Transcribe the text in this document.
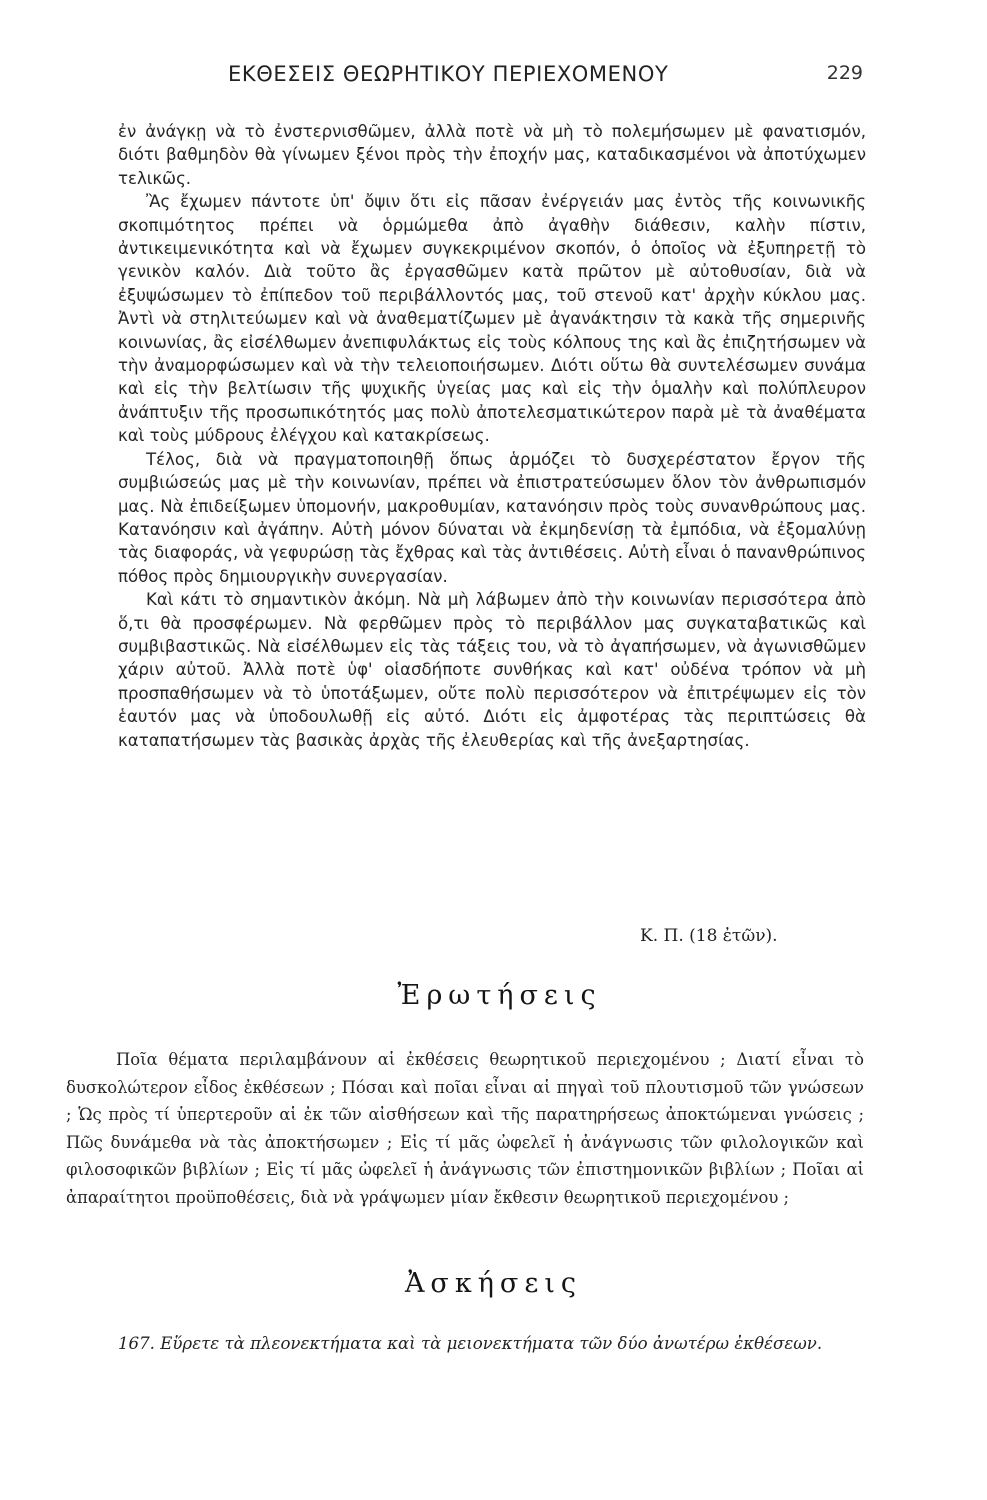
ΕΚΘΕΣΕΙΣ ΘΕΩΡΗΤΙΚΟΥ ΠΕΡΙΕΧΟΜΕΝΟΥ	229

ἐν ἀνάγκῃ νὰ τὸ ἐνστερνισθῶμεν, ἀλλὰ ποτὲ νὰ μὴ τὸ πολεμήσωμεν μὲ φανατισμόν, διότι βαθμηδὸν θὰ γίνωμεν ξένοι πρὸς τὴν ἐποχήν μας, καταδικασμένοι νὰ ἀποτύχωμεν τελικῶς.

Ἂς ἔχωμεν πάντοτε ὑπ' ὄψιν ὅτι εἰς πᾶσαν ἐνέργειάν μας ἐντὸς τῆς κοινωνικῆς σκοπιμότητος πρέπει νὰ ὁρμώμεθα ἀπὸ ἀγαθὴν διάθεσιν, καλὴν πίστιν, ἀντικειμενικότητα καὶ νὰ ἔχωμεν συγκεκριμένον σκοπόν, ὁ ὁποῖος νὰ ἐξυπηρετῇ τὸ γενικὸν καλόν. Διὰ τοῦτο ἂς ἐργασθῶμεν κατὰ πρῶτον μὲ αὐτοθυσίαν, διὰ νὰ ἐξυψώσωμεν τὸ ἐπίπεδον τοῦ περιβάλλοντός μας, τοῦ στενοῦ κατ' ἀρχὴν κύκλου μας. Ἀντὶ νὰ στηλιτεύωμεν καὶ νὰ ἀναθεματίζωμεν μὲ ἀγανάκτησιν τὰ κακὰ τῆς σημερινῆς κοινωνίας, ἂς εἰσέλθωμεν ἀνεπιφυλάκτως εἰς τοὺς κόλπους της καὶ ἂς ἐπιζητήσωμεν νὰ τὴν ἀναμορφώσωμεν καὶ νὰ τὴν τελειοποιήσωμεν. Διότι οὕτω θὰ συντελέσωμεν συνάμα καὶ εἰς τὴν βελτίωσιν τῆς ψυχικῆς ὑγείας μας καὶ εἰς τὴν ὁμαλὴν καὶ πολύπλευρον ἀνάπτυξιν τῆς προσωπικότητός μας πολὺ ἀποτελεσματικώτερον παρὰ μὲ τὰ ἀναθέματα καὶ τοὺς μύδρους ἐλέγχου καὶ κατακρίσεως.

Τέλος, διὰ νὰ πραγματοποιηθῇ ὅπως ἁρμόζει τὸ δυσχερέστατον ἔργον τῆς συμβιώσεώς μας μὲ τὴν κοινωνίαν, πρέπει νὰ ἐπιστρατεύσωμεν ὅλον τὸν ἀνθρωπισμόν μας. Νὰ ἐπιδείξωμεν ὑπομονήν, μακροθυμίαν, κατανόησιν πρὸς τοὺς συνανθρώπους μας. Κατανόησιν καὶ ἀγάπην. Αὐτὴ μόνον δύναται νὰ ἐκμηδενίσῃ τὰ ἐμπόδια, νὰ ἐξομαλύνῃ τὰς διαφοράς, νὰ γεφυρώσῃ τὰς ἔχθρας καὶ τὰς ἀντιθέσεις. Αὐτὴ εἶναι ὁ πανανθρώπινος πόθος πρὸς δημιουργικὴν συνεργασίαν.

Καὶ κάτι τὸ σημαντικὸν ἀκόμη. Νὰ μὴ λάβωμεν ἀπὸ τὴν κοινωνίαν περισσότερα ἀπὸ ὅ,τι θὰ προσφέρωμεν. Νὰ φερθῶμεν πρὸς τὸ περιβάλλον μας συγκαταβατικῶς καὶ συμβιβαστικῶς. Νὰ εἰσέλθωμεν εἰς τὰς τάξεις του, νὰ τὸ ἀγαπήσωμεν, νὰ ἀγωνισθῶμεν χάριν αὐτοῦ. Ἀλλὰ ποτὲ ὑφ' οἱασδήποτε συνθήκας καὶ κατ' οὐδένα τρόπον νὰ μὴ προσπαθήσωμεν νὰ τὸ ὑποτάξωμεν, οὔτε πολὺ περισσότερον νὰ ἐπιτρέψωμεν εἰς τὸν ἑαυτόν μας νὰ ὑποδουλωθῇ εἰς αὐτό. Διότι εἰς ἀμφοτέρας τὰς περιπτώσεις θὰ καταπατήσωμεν τὰς βασικὰς ἀρχὰς τῆς ἐλευθερίας καὶ τῆς ἀνεξαρτησίας.

Κ. Π. (18 ἐτῶν).
Ἐρωτήσεις

Ποῖα θέματα περιλαμβάνουν αἱ ἐκθέσεις θεωρητικοῦ περιεχομένου ; Διατί εἶναι τὸ δυσκολώτερον εἶδος ἐκθέσεων ; Πόσαι καὶ ποῖαι εἶναι αἱ πηγαὶ τοῦ πλουτισμοῦ τῶν γνώσεων ; Ὡς πρὸς τί ὑπερτεροῦν αἱ ἐκ τῶν αἰσθήσεων καὶ τῆς παρατηρήσεως ἀποκτώμεναι γνώσεις ; Πῶς δυνάμεθα νὰ τὰς ἀποκτήσωμεν ; Εἰς τί μᾶς ὠφελεῖ ἡ ἀνάγνωσις τῶν φιλολογικῶν καὶ φιλοσοφικῶν βιβλίων ; Εἰς τί μᾶς ὠφελεῖ ἡ ἀνάγνωσις τῶν ἐπιστημονικῶν βιβλίων ; Ποῖαι αἱ ἀπαραίτητοι προϋποθέσεις, διὰ νὰ γράψωμεν μίαν ἔκθεσιν θεωρητικοῦ περιεχομένου ;

Ἀσκήσεις

167. Εὕρετε τὰ πλεονεκτήματα καὶ τὰ μειονεκτήματα τῶν δύο ἀνωτέρω ἐκθέσεων.
